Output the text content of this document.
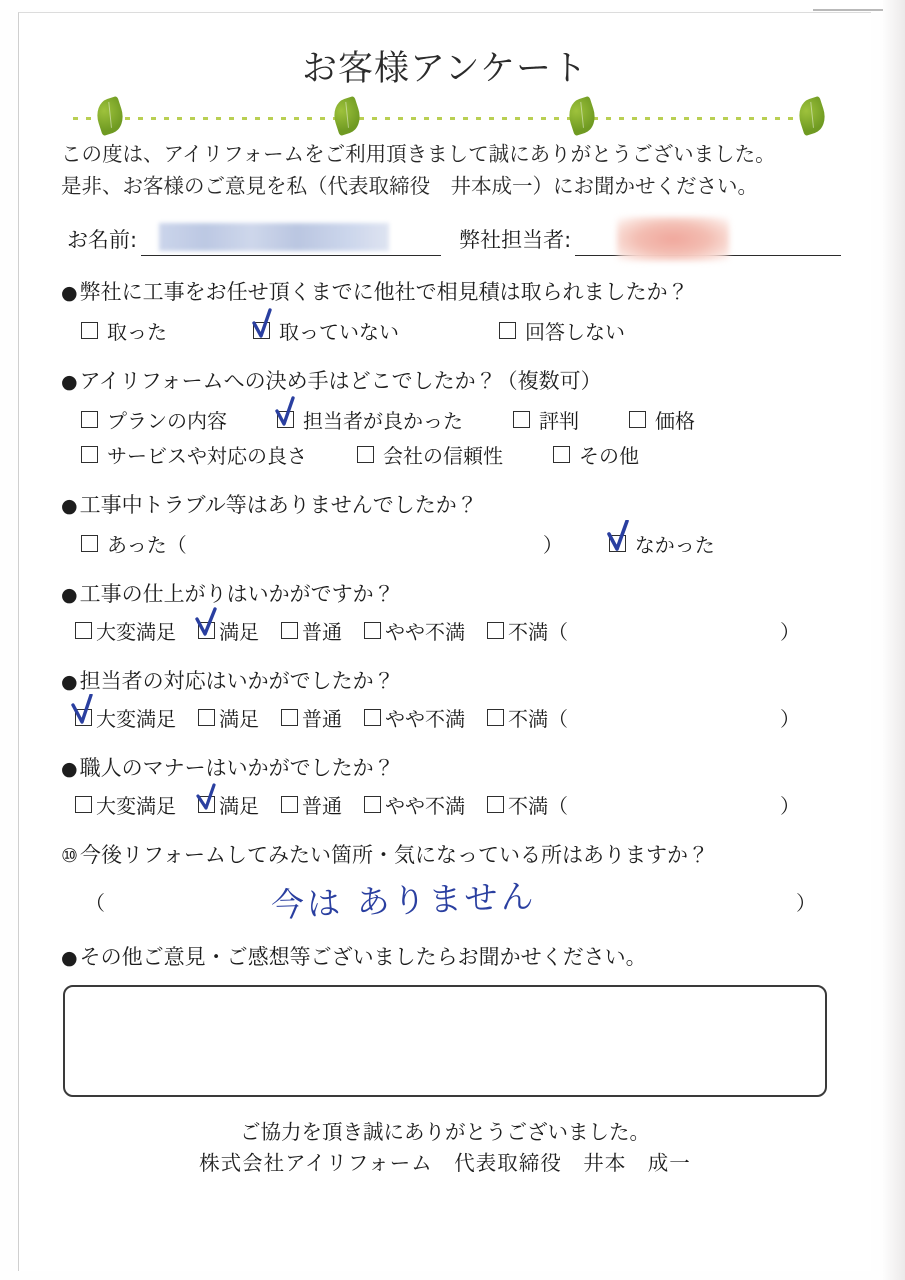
お客様アンケート
この度は、アイリフォームをご利用頂きまして誠にありがとうございました。
是非、お客様のご意見を私（代表取締役　井本成一）にお聞かせください。
お名前:	弊社担当者:
●弊社に工事をお任せ頂くまでに他社で相見積は取られましたか？
取った	取っていない	回答しない
●アイリフォームへの決め手はどこでしたか？（複数可）
プランの内容	担当者が良かった	評判	価格
サービスや対応の良さ	会社の信頼性	その他
●工事中トラブル等はありませんでしたか？
あった（	）	なかった
●工事の仕上がりはいかがですか？
大変満足 満足 普通 やや不満 不満（	）
●担当者の対応はいかがでしたか？
大変満足 満足 普通 やや不満 不満（	）
●職人のマナーはいかがでしたか？
大変満足 満足 普通 やや不満 不満（	）
⑩今後リフォームしてみたい箇所・気になっている所はありますか？
（	今は ありません	）
●その他ご意見・ご感想等ございましたらお聞かせください。
ご協力を頂き誠にありがとうございました。
株式会社アイリフォーム　代表取締役　井本　成一
